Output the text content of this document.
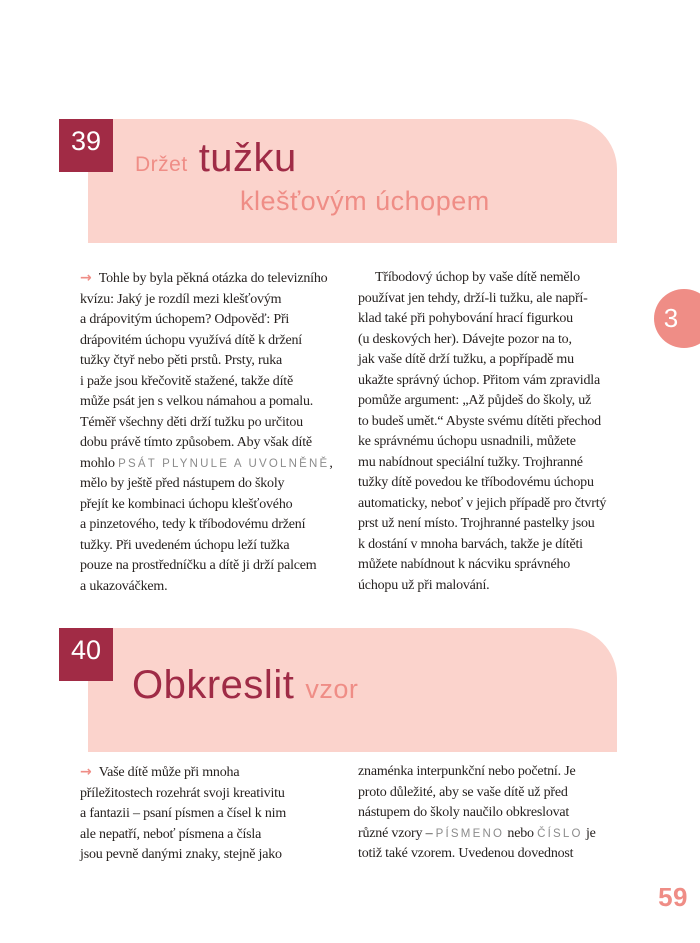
39
Držet tužku
klešťovým úchopem
→ Tohle by byla pěkná otázka do televizního
kvízu: Jaký je rozdíl mezi klešťovým
a drápovitým úchopem? Odpověď: Při
drápovitém úchopu využívá dítě k držení
tužky čtyř nebo pěti prstů. Prsty, ruka
i paže jsou křečovitě stažené, takže dítě
může psát jen s velkou námahou a pomalu.
Téměř všechny děti drží tužku po určitou
dobu právě tímto způsobem. Aby však dítě
mohlo PSÁT PLYNULE A UVOLNĚNĚ,
mělo by ještě před nástupem do školy
přejít ke kombinaci úchopu klešťového
a pinzetového, tedy k tříbodovému držení
tužky. Při uvedeném úchopu leží tužka
pouze na prostředníčku a dítě ji drží palcem
a ukazováčkem.
Tříbodový úchop by vaše dítě nemělo
používat jen tehdy, drží-li tužku, ale napří-
klad také při pohybování hrací figurkou
(u deskových her). Dávejte pozor na to,
jak vaše dítě drží tužku, a popřípadě mu
ukažte správný úchop. Přitom vám zpravidla
pomůže argument: „Až půjdeš do školy, už
to budeš umět.“ Abyste svému dítěti přechod
ke správnému úchopu usnadnili, můžete
mu nabídnout speciální tužky. Trojhranné
tužky dítě povedou ke tříbodovému úchopu
automaticky, neboť v jejich případě pro čtvrtý
prst už není místo. Trojhranné pastelky jsou
k dostání v mnoha barvách, takže je dítěti
můžete nabídnout k nácviku správného
úchopu už při malování.
3
40
Obkreslit vzor
→ Vaše dítě může při mnoha
příležitostech rozehrát svoji kreativitu
a fantazii – psaní písmen a čísel k nim
ale nepatří, neboť písmena a čísla
jsou pevně danými znaky, stejně jako
znaménka interpunkční nebo početní. Je
proto důležité, aby se vaše dítě už před
nástupem do školy naučilo obkreslovat
různé vzory – PÍSMENO nebo ČÍSLO je
totiž také vzorem. Uvedenou dovednost
59
